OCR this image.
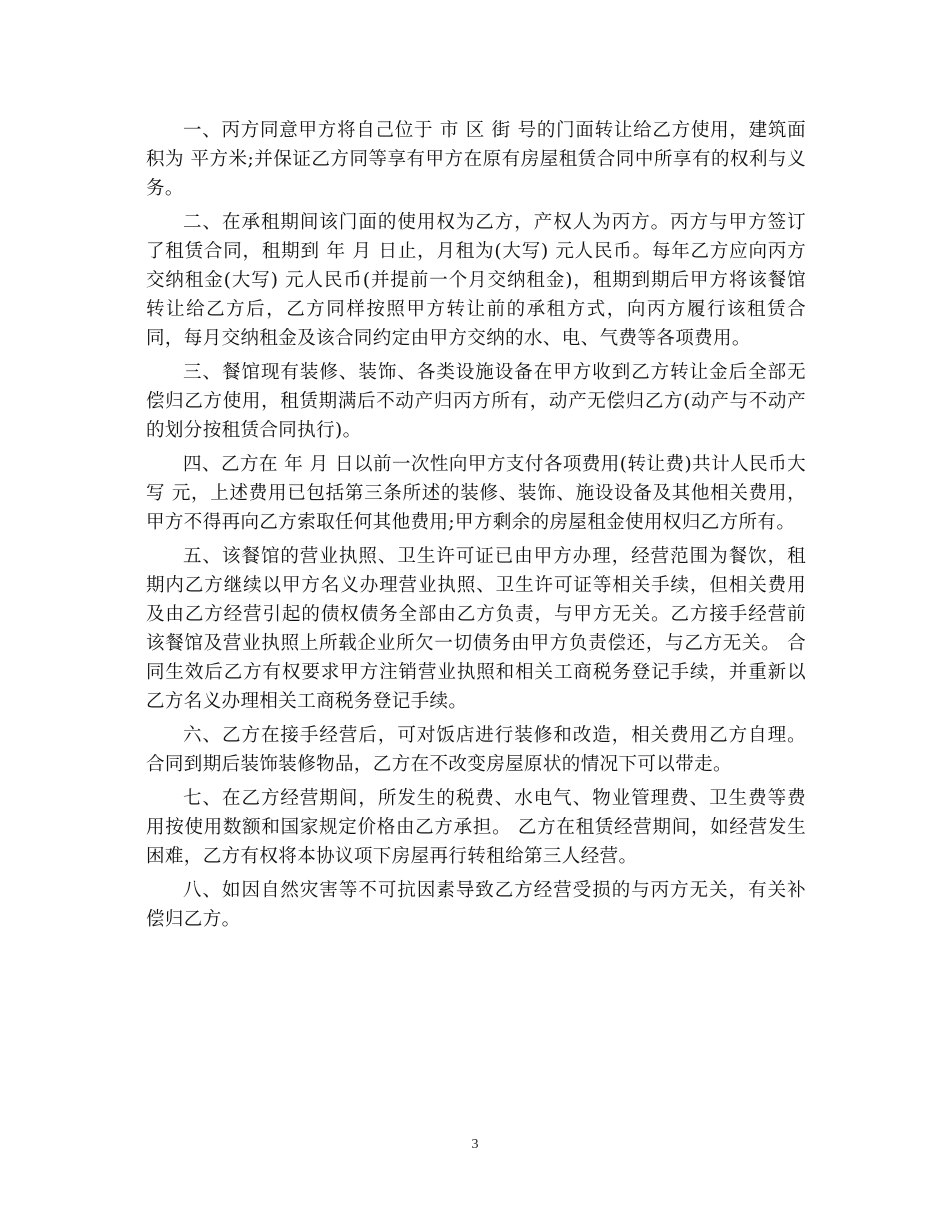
一、丙方同意甲方将自己位于 市 区 街 号的门面转让给乙方使用，建筑面积为 平方米;并保证乙方同等享有甲方在原有房屋租赁合同中所享有的权利与义务。

二、在承租期间该门面的使用权为乙方，产权人为丙方。丙方与甲方签订了租赁合同，租期到 年 月 日止，月租为(大写) 元人民币。每年乙方应向丙方交纳租金(大写) 元人民币(并提前一个月交纳租金)，租期到期后甲方将该餐馆转让给乙方后，乙方同样按照甲方转让前的承租方式，向丙方履行该租赁合同，每月交纳租金及该合同约定由甲方交纳的水、电、气费等各项费用。

三、餐馆现有装修、装饰、各类设施设备在甲方收到乙方转让金后全部无偿归乙方使用，租赁期满后不动产归丙方所有，动产无偿归乙方(动产与不动产的划分按租赁合同执行)。

四、乙方在 年 月 日以前一次性向甲方支付各项费用(转让费)共计人民币大写 元，上述费用已包括第三条所述的装修、装饰、施设设备及其他相关费用，甲方不得再向乙方索取任何其他费用;甲方剩余的房屋租金使用权归乙方所有。

五、该餐馆的营业执照、卫生许可证已由甲方办理，经营范围为餐饮，租期内乙方继续以甲方名义办理营业执照、卫生许可证等相关手续，但相关费用及由乙方经营引起的债权债务全部由乙方负责，与甲方无关。乙方接手经营前该餐馆及营业执照上所载企业所欠一切债务由甲方负责偿还，与乙方无关。 合同生效后乙方有权要求甲方注销营业执照和相关工商税务登记手续，并重新以乙方名义办理相关工商税务登记手续。

六、乙方在接手经营后，可对饭店进行装修和改造，相关费用乙方自理。合同到期后装饰装修物品，乙方在不改变房屋原状的情况下可以带走。

七、在乙方经营期间，所发生的税费、水电气、物业管理费、卫生费等费用按使用数额和国家规定价格由乙方承担。 乙方在租赁经营期间，如经营发生困难，乙方有权将本协议项下房屋再行转租给第三人经营。

八、如因自然灾害等不可抗因素导致乙方经营受损的与丙方无关，有关补偿归乙方。

3
